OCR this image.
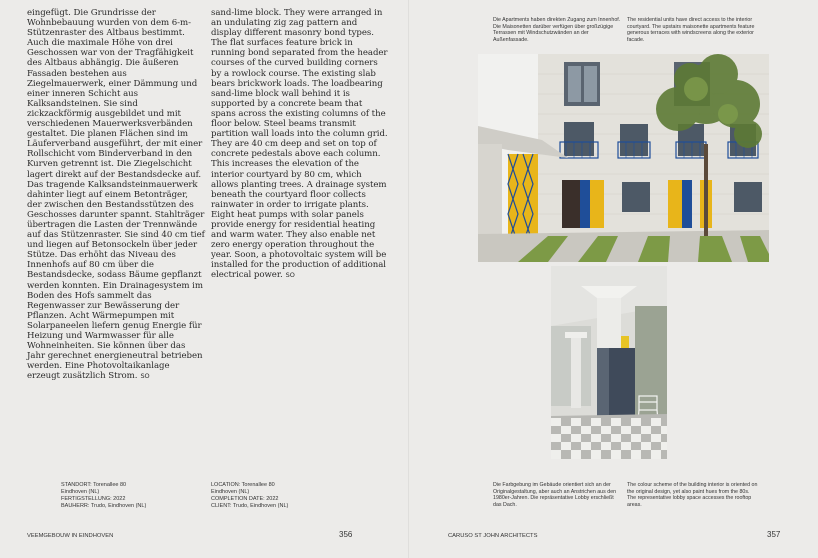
eingefügt. Die Grundrisse der Wohnbebauung wurden von dem 6-m-Stützenraster des Altbaus bestimmt. Auch die maximale Höhe von drei Geschossen war von der Tragfähigkeit des Altbaus abhängig. Die äußeren Fassaden bestehen aus Ziegelmauerwerk, einer Dämmung und einer inneren Schicht aus Kalksandsteinen. Sie sind zickzackförmig ausgebildet und mit verschiedenen Mauerwerksverbänden gestaltet. Die planen Flächen sind im Läuferverband ausgeführt, der mit einer Rollschicht vom Binderverband in den Kurven getrennt ist. Die Ziegelschicht lagert direkt auf der Bestandsdecke auf. Das tragende Kalksandsteinmauerwerk dahinter liegt auf einem Betonträger, der zwischen den Bestandsstützen des Geschosses darunter spannt. Stahlträger übertragen die Lasten der Trennwände auf das Stützenraster. Sie sind 40 cm tief und liegen auf Betonsockeln über jeder Stütze. Das erhöht das Niveau des Innenhofs auf 80 cm über die Bestandsdecke, sodass Bäume gepflanzt werden konnten. Ein Drainagesystem im Boden des Hofs sammelt das Regenwasser zur Bewässerung der Pflanzen. Acht Wärmepumpen mit Solarpaneelen liefern genug Energie für Heizung und Warmwasser für alle Wohneinheiten. Sie können über das Jahr gerechnet energieneutral betrieben werden. Eine Photovoltaikanlage erzeugt zusätzlich Strom. SO

sand-lime block. They were arranged in an undulating zig zag pattern and display different masonry bond types. The flat surfaces feature brick in running bond separated from the header courses of the curved building corners by a rowlock course. The existing slab bears brickwork loads. The loadbearing sand-lime block wall behind it is supported by a concrete beam that spans across the existing columns of the floor below. Steel beams transmit partition wall loads into the column grid. They are 40 cm deep and set on top of concrete pedestals above each column. This increases the elevation of the interior courtyard by 80 cm, which allows planting trees. A drainage system beneath the courtyard floor collects rainwater in order to irrigate plants. Eight heat pumps with solar panels provide energy for residential heating and warm water. They also enable net zero energy operation throughout the year. Soon, a photovoltaic system will be installed for the production of additional electrical power. SO

STANDORT: Torenallee 80
Eindhoven (NL)
FERTIGSTELLUNG: 2022
BAUHERR: Trudo, Eindhoven (NL)
LOCATION: Torenallee 80
Eindhoven (NL)
COMPLETION DATE: 2022
CLIENT: Trudo, Eindhoven (NL)
VEEMGEBOUW IN EINDHOVEN	356	CARUSO ST JOHN ARCHITECTS	357
Die Apartments haben direkten Zugang zum Innenhof. Die Maisonetten darüber verfügen über großzügige Terrassen mit Windschutzwänden an der Außenfassade.
The residential units have direct access to the interior courtyard. The upstairs maisonette apartments feature generous terraces with windscreens along the exterior facade.
Die Farbgebung im Gebäude orientiert sich an der Originalgestaltung, aber auch an Anstrichen aus den 1980er-Jahren. Die repräsentative Lobby erschließt das Dach.
The colour scheme of the building interior is oriented on the original design, yet also paint hues from the 80s. The representative lobby space accesses the rooftop areas.
